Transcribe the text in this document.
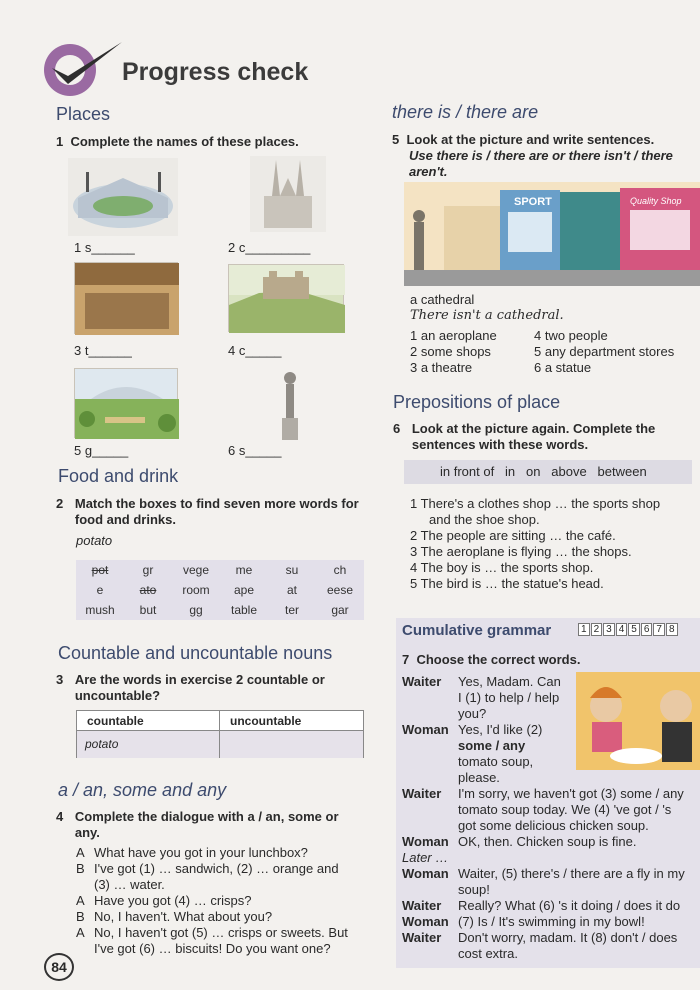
Progress check
Places
1 Complete the names of these places.
1 s______	2 c_________
3 t______	4 c_____
5 g_____	6 s_____
Food and drink
2 Match the boxes to find seven more words for food and drinks.
potato
pot	gr	vege	me	su	ch
e	ato	room	ape	at	eese
mush	but	gg	table	ter	gar
Countable and uncountable nouns
3 Are the words in exercise 2 countable or uncountable?
countable	uncountable
potato
a / an, some and any
4 Complete the dialogue with a / an, some or any.
A What have you got in your lunchbox?
B I've got (1) … sandwich, (2) … orange and
(3) … water.
A Have you got (4) … crisps?
B No, I haven't. What about you?
A No, I haven't got (5) … crisps or sweets. But
I've got (6) … biscuits! Do you want one?
84
there is / there are
5 Look at the picture and write sentences.
Use there is / there are or there isn't / there
aren't.
SPORT	Quality Shop
a cathedral
There isn't a cathedral.
1 an aeroplane
2 some shops
3 a theatre
4 two people
5 any department stores
6 a statue
Prepositions of place
6 Look at the picture again. Complete the sentences with these words.
in front of   in   on   above   between
1 There's a clothes shop … the sports shop
and the shoe shop.
2 The people are sitting … the café.
3 The aeroplane is flying … the shops.
4 The boy is … the sports shop.
5 The bird is … the statue's head.
Cumulative grammar	1 2 3 4 5 6 7 8
7 Choose the correct words.
Waiter	Yes, Madam. Can
I (1) to help / help
you?
Woman Yes, I'd like (2)
some / any
tomato soup,
please.
Waiter	I'm sorry, we haven't got (3) some / any
tomato soup today. We (4) 've got / 's
got some delicious chicken soup.
Woman OK, then. Chicken soup is fine.
Later …
Woman Waiter, (5) there's / there are a fly in my
soup!
Waiter	Really? What (6) 's it doing / does it do
Woman (7) Is / It's swimming in my bowl!
Waiter	Don't worry, madam. It (8) don't / does
cost extra.
